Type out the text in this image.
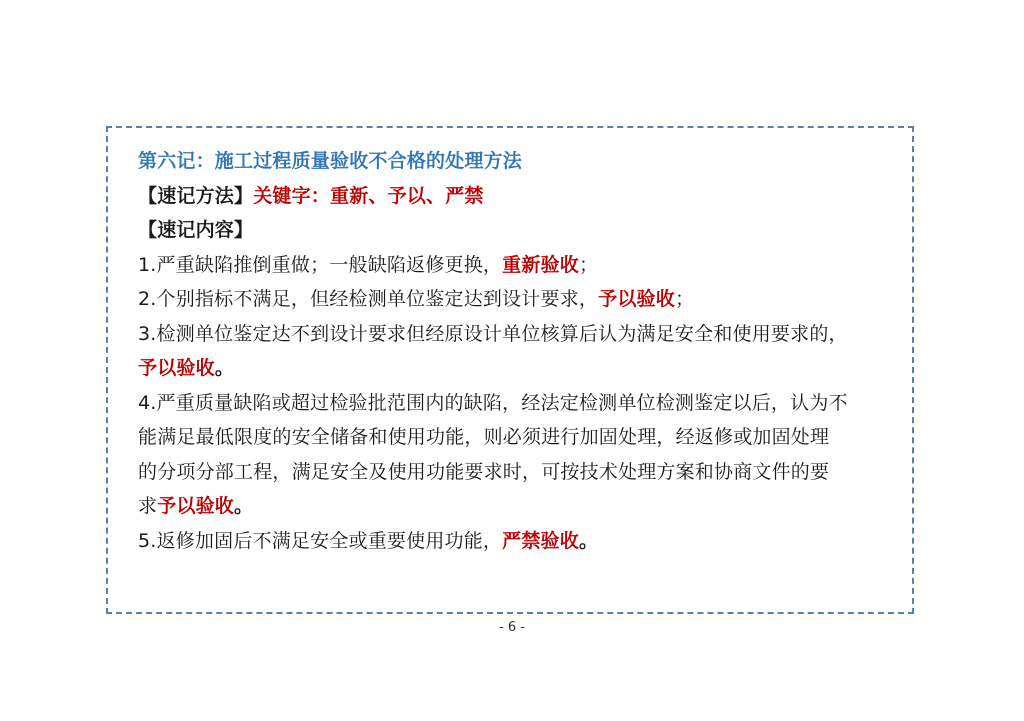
第六记：施工过程质量验收不合格的处理方法
【速记方法】关键字：重新、予以、严禁
【速记内容】
1.严重缺陷推倒重做；一般缺陷返修更换，重新验收；
2.个别指标不满足，但经检测单位鉴定达到设计要求，予以验收；
3.检测单位鉴定达不到设计要求但经原设计单位核算后认为满足安全和使用要求的，
予以验收。
4.严重质量缺陷或超过检验批范围内的缺陷，经法定检测单位检测鉴定以后，认为不
能满足最低限度的安全储备和使用功能，则必须进行加固处理，经返修或加固处理
的分项分部工程，满足安全及使用功能要求时，可按技术处理方案和协商文件的要
求予以验收。
5.返修加固后不满足安全或重要使用功能，严禁验收。
- 6 -
